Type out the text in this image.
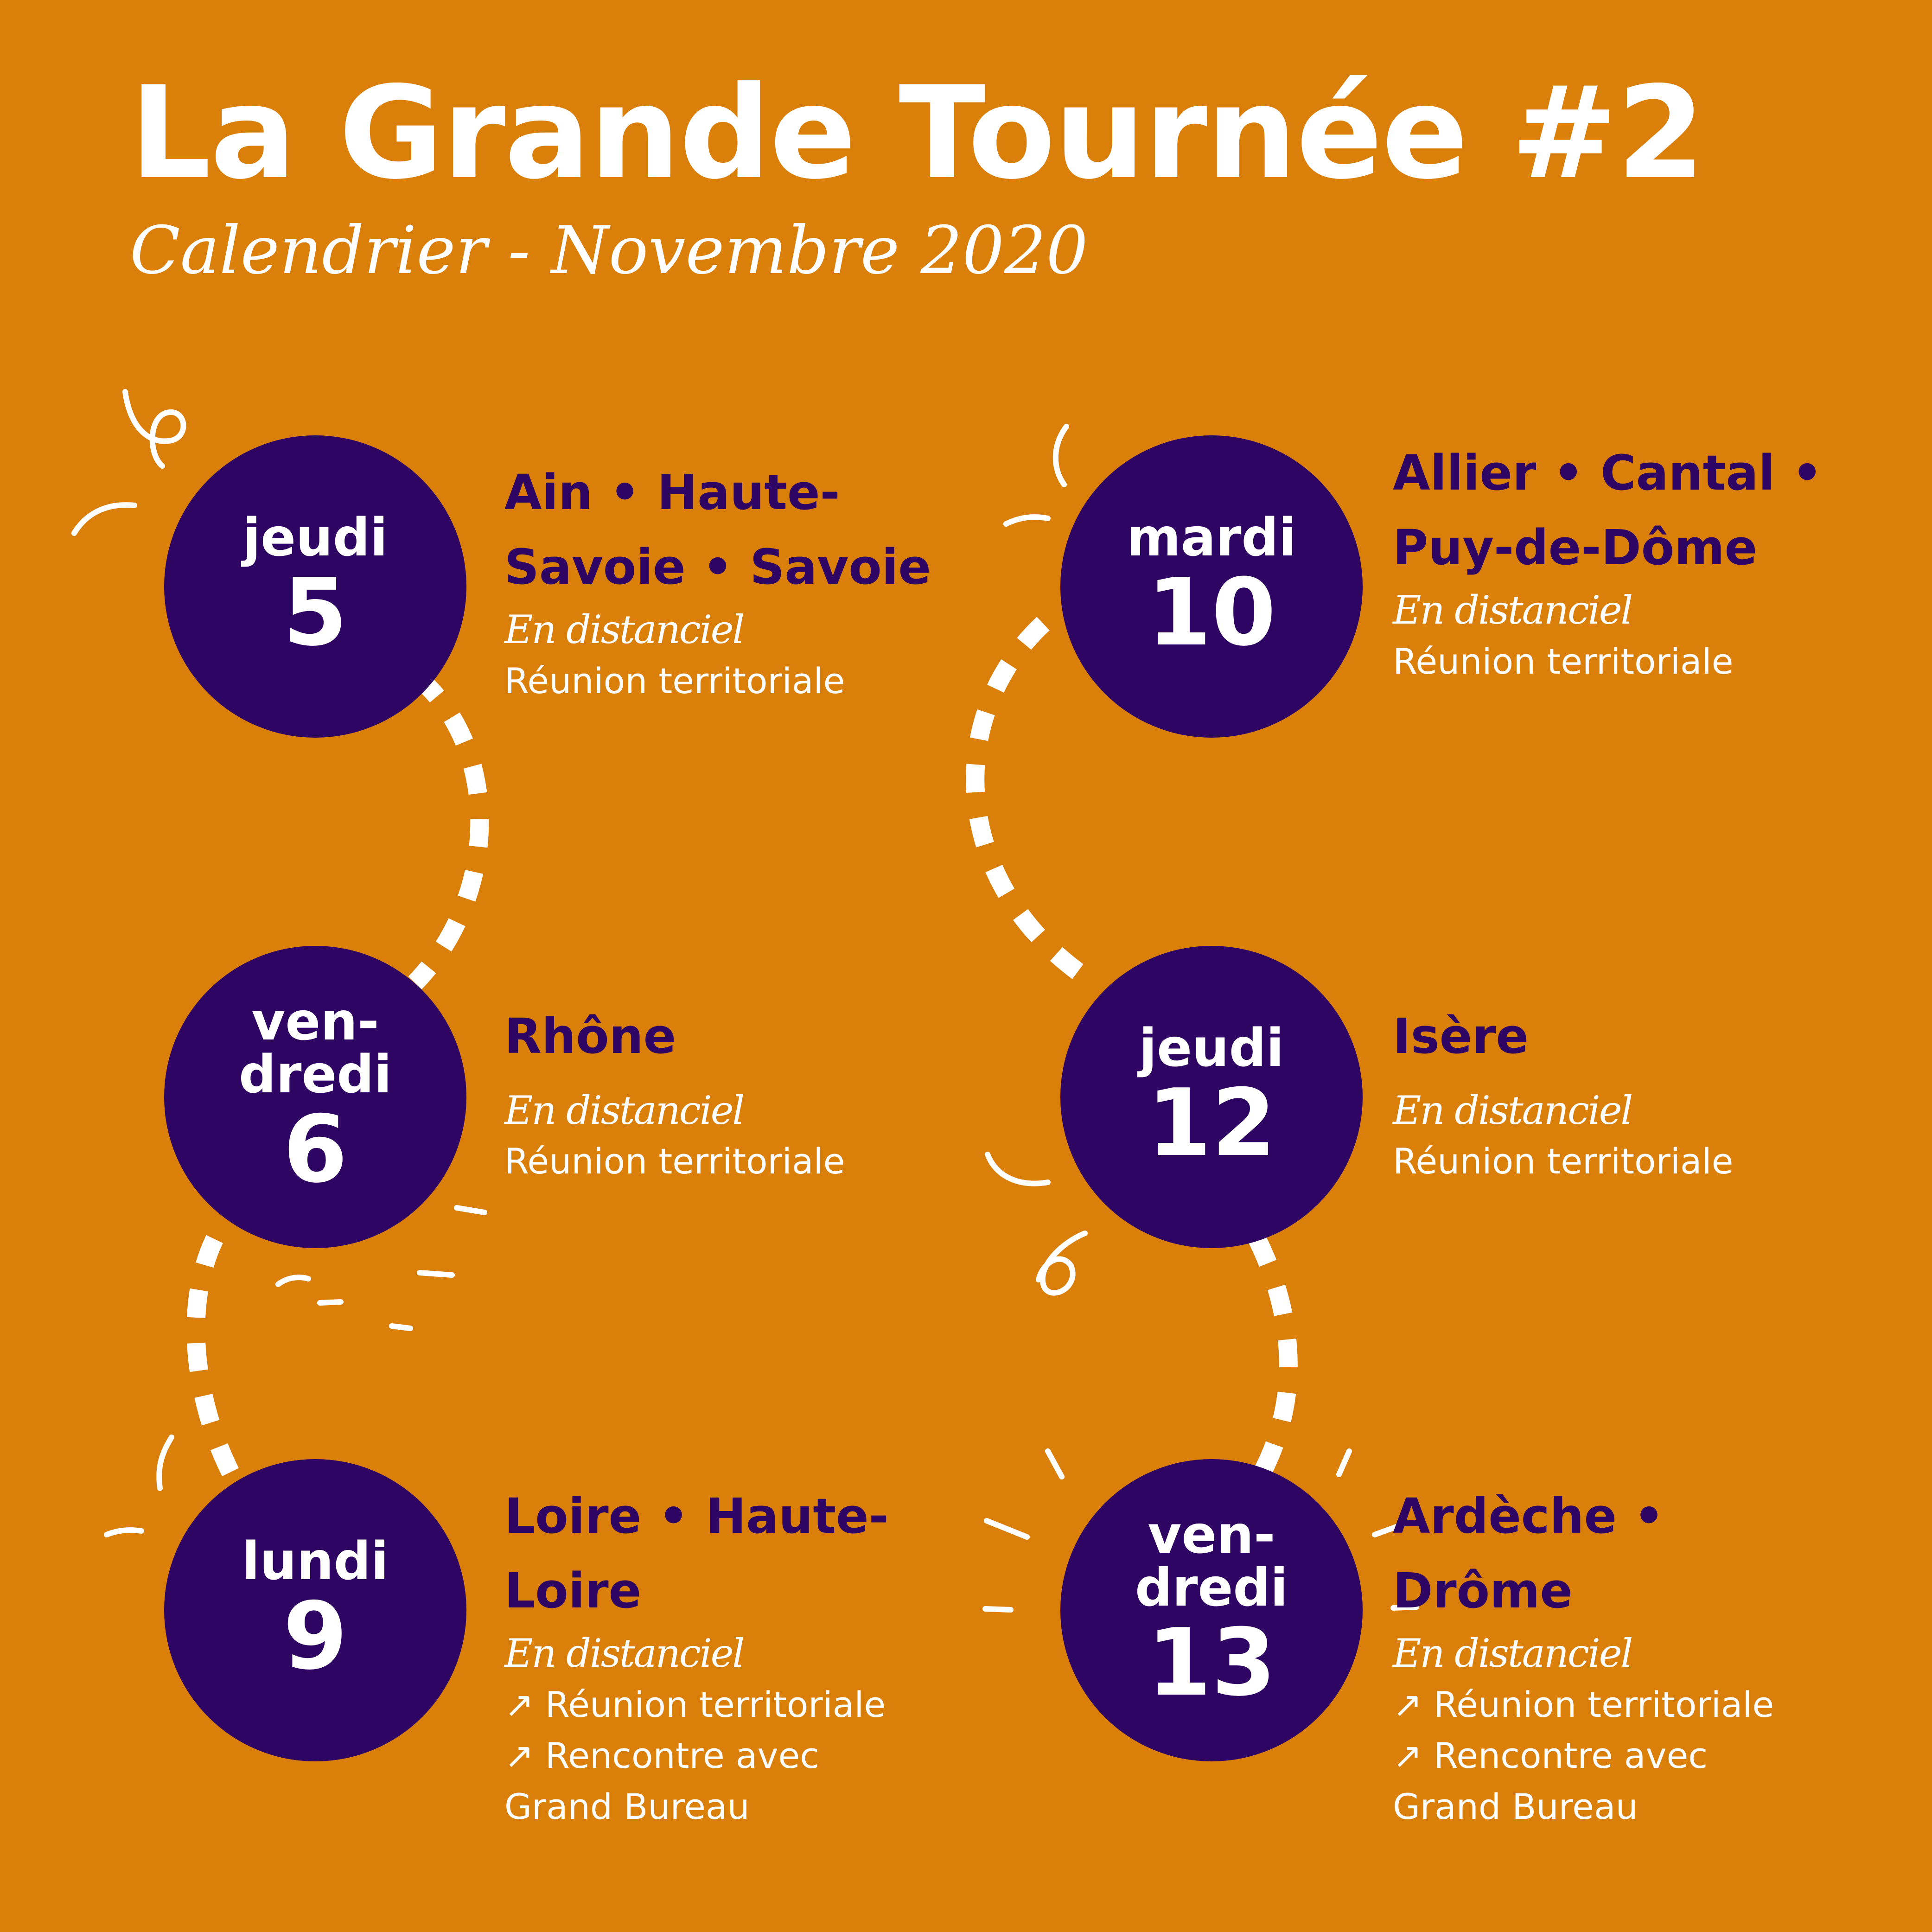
La Grande Tournée #2

Calendrier - Novembre 2020

jeudi
5

Ain • Haute-Savoie • Savoie

En distanciel

Réunion territoriale

ven-dredi
6

Rhône

En distanciel

Réunion territoriale

lundi
9

Loire • Haute-Loire

En distanciel

↗ Réunion territoriale

↗ Rencontre avec Grand Bureau

mardi
10

Allier • Cantal • Puy-de-Dôme

En distanciel

Réunion territoriale

jeudi
12

Isère

En distanciel

Réunion territoriale

ven-dredi
13

Ardèche • Drôme

En distanciel

↗ Réunion territoriale

↗ Rencontre avec Grand Bureau
